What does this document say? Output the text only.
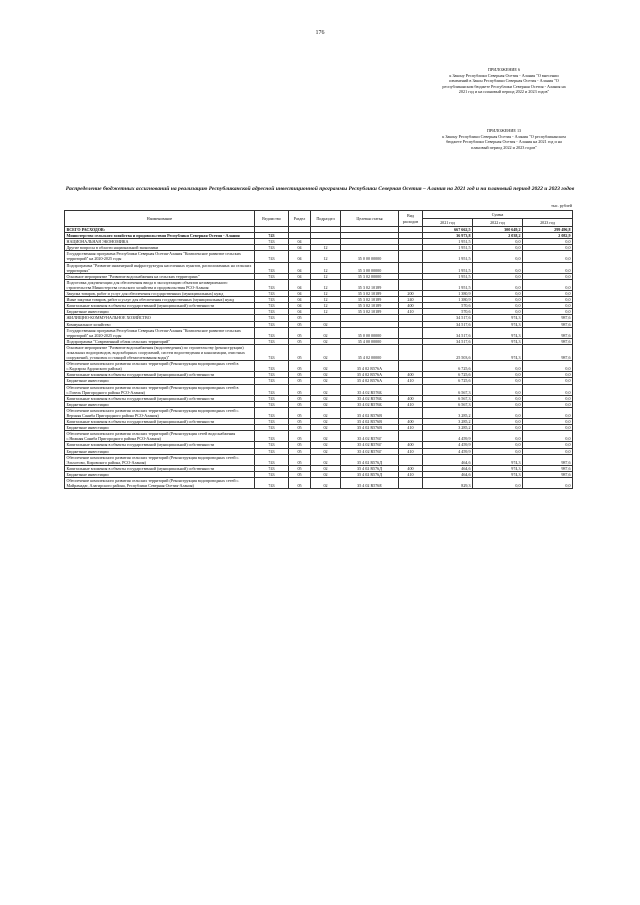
176
ПРИЛОЖЕНИЕ 6
к Закону Республики Северная Осетия - Алания "О внесении изменений в Закон Республики Северная Осетия - Алания "О республиканском бюджете Республики Северная Осетия - Алания на 2021 год и на плановый период 2022 и 2023 годов"
ПРИЛОЖЕНИЕ 13
к Закону Республики Северная Осетия - Алания "О республиканском бюджете Республики Северная Осетия - Алания на 2021 год и на плановый период 2022 и 2023 годов"
Распределение бюджетных ассигнований на реализацию Республиканской адресной инвестиционной программы Республики Северная Осетия – Алания на 2021 год и на плановый период 2022 и 2023 годов
тыс. рублей
Наименование	Ведомство	Раздел	Подраздел	Целевая статья	Вид расходов	Сумма		
						2021 год	2022 год	2023 год
ВСЕГО РАСХОДОВ:						667 662,5	300 649,2	299 496,8
Министерство сельского хозяйства и продовольствия Республики Северная Осетия - Алания	743					36 973,8	2 038,2	2 082,9
НАЦИОНАЛЬНАЯ ЭКОНОМИКА	743	04				1 951,5	0,0	0,0
Другие вопросы в области национальной экономики	743	04	12			1 951,5	0,0	0,0
Государственная программа Республики Северная Осетия-Алания "Комплексное развитие сельских территорий" на 2020-2025 годы	743	04	12	35 0 00 00000		1 951,5	0,0	0,0
Подпрограмма "Развитие инженерной инфраструктуры населенных пунктов, расположенных на сельских территориях"	743	04	12	35 3 00 00000		1 951,5	0,0	0,0
Основное мероприятие "Развитие водоснабжения на сельских территориях"	743	04	12	35 3 02 00000		1 951,5	0,0	0,0
Подготовка документации для обеспечения ввода в эксплуатацию объектов незавершенного строительства Министерства сельского хозяйства и продовольствия РСО-Алания	743	04	12	35 3 02 10189		1 951,5	0,0	0,0
Закупка товаров, работ и услуг для обеспечения государственных (муниципальных) нужд	743	04	12	35 3 02 10189	200	1 380,9	0,0	0,0
Иные закупки товаров, работ и услуг для обеспечения государственных (муниципальных) нужд	743	04	12	35 3 02 10189	240	1 380,9	0,0	0,0
Капитальные вложения в объекты государственной (муниципальной) собственности	743	04	12	35 3 02 10189	400	570,6	0,0	0,0
Бюджетные инвестиции	743	04	12	35 3 02 10189	410	570,6	0,0	0,0
ЖИЛИЩНО-КОММУНАЛЬНОЕ ХОЗЯЙСТВО	743	05				34 517,6	974,3	987,6
Коммунальное хозяйство	743	05	02			34 517,6	974,3	987,6
Государственная программа Республики Северная Осетия-Алания "Комплексное развитие сельских территорий" на 2020-2025 годы	743	05	02	35 0 00 00000		34 517,6	974,3	987,6
Подпрограмма "Современный облик сельских территорий"	743	05	02	35 4 00 00000		34 517,6	974,3	987,6
Основное мероприятие "Развитие водоснабжения (водоотведения) по строительству (реконструкции) локальных водопроводов, водозаборных сооружений, систем водоотведения и канализации, очистных сооружений, установок и станций обезжелезивания воды)"	743	05	02	35 4 02 00000		25 503,6	974,3	987,6
Обеспечение комплексного развития сельских территорий (Реконструкция водопроводных сетей в с.Кадгарон Ардонского района)	743	05	02	35 4 02 R576А		6 725,6	0,0	0,0
Капитальные вложения в объекты государственной (муниципальной) собственности	743	05	02	35 4 02 R576А	400	6 725,6	0,0	0,0
Бюджетные инвестиции	743	05	02	35 4 02 R576А	410	6 725,6	0,0	0,0
Обеспечение комплексного развития сельских территорий (Реконструкция водопроводных сетей в с.Гизель Пригородного района РСО-Алания)	743	05	02	35 4 02 R576Б		6 567,3	0,0	0,0
Капитальные вложения в объекты государственной (муниципальной) собственности	743	05	02	35 4 02 R576Б	400	6 567,3	0,0	0,0
Бюджетные инвестиции	743	05	02	35 4 02 R576Б	410	6 567,3	0,0	0,0
Обеспечение комплексного развития сельских территорий (Реконструкция водопроводных сетей с. Верхняя Саниба Пригородного района РСО-Алания)	743	05	02	35 4 02 R576В		3 285,2	0,0	0,0
Капитальные вложения в объекты государственной (муниципальной) собственности	743	05	02	35 4 02 R576В	400	3 285,2	0,0	0,0
Бюджетные инвестиции	743	05	02	35 4 02 R576В	410	3 285,2	0,0	0,0
Обеспечение комплексного развития сельских территорий (Реконструкция сетей водоснабжения с.Нижняя Саниба Пригородного района РСО-Алания)	743	05	02	35 4 02 R576Г		4 459,9	0,0	0,0
Капитальные вложения в объекты государственной (муниципальной) собственности	743	05	02	35 4 02 R576Г	400	4 459,9	0,0	0,0
Бюджетные инвестиции	743	05	02	35 4 02 R576Г	410	4 459,9	0,0	0,0
Обеспечение комплексного развития сельских территорий (Реконструкция водопроводных сетей с. Эльхотово, Кировского района, РСО-Алания)	743	05	02	35 4 02 R576Д		464,6	974,3	987,6
Капитальные вложения в объекты государственной (муниципальной) собственности	743	05	02	35 4 02 R576Д	400	464,6	974,3	987,6
Бюджетные инвестиции	743	05	02	35 4 02 R576Д	410	464,6	974,3	987,6
Обеспечение комплексного развития сельских территорий (Реконструкция водопроводных сетей с. Майрамадаг, Алагирского района, Республики Северная Осетия-Алания)	743	05	02	35 4 02 R576Е		829,3	0,0	0,0
